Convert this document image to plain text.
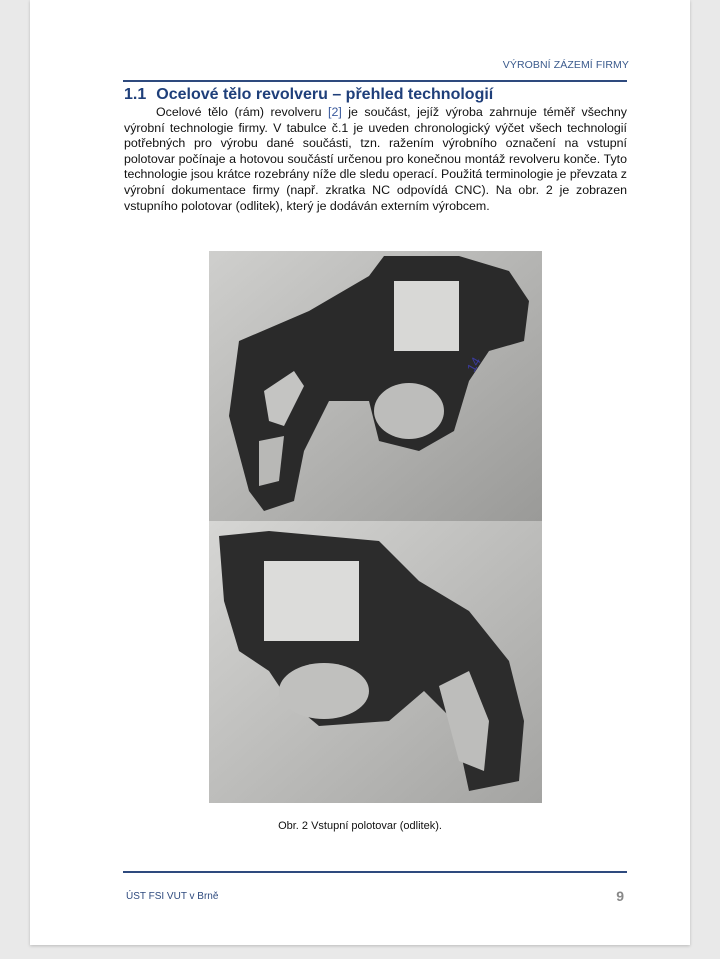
VÝROBNÍ ZÁZEMÍ FIRMY
1.1 Ocelové tělo revolveru – přehled technologií
Ocelové tělo (rám) revolveru [2] je součást, jejíž výroba zahrnuje téměř všechny výrobní technologie firmy. V tabulce č.1 je uveden chronologický výčet všech technologií potřebných pro výrobu dané součásti, tzn. ražením výrobního označení na vstupní polotovar počínaje a hotovou součástí určenou pro konečnou montáž revolveru konče. Tyto technologie jsou krátce rozebrány níže dle sledu operací. Použitá terminologie je převzata z výrobní dokumentace firmy (např. zkratka NC odpovídá CNC). Na obr. 2 je zobrazen vstupního polotovar (odlitek), který je dodáván externím výrobcem.
14
Obr. 2 Vstupní polotovar (odlitek).
ÚST FSI VUT v Brně	9
